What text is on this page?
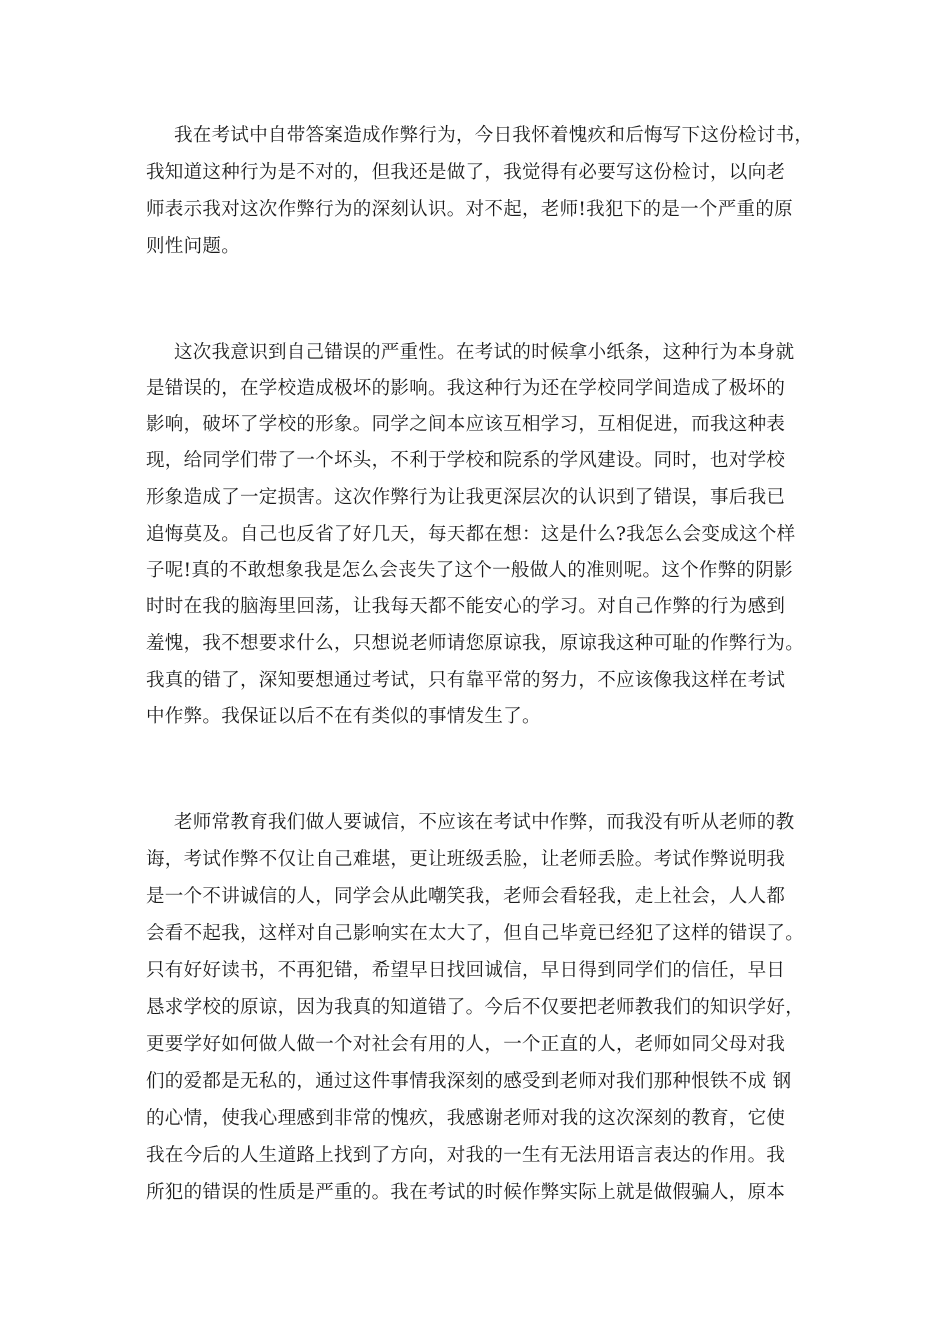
我在考试中自带答案造成作弊行为，今日我怀着愧疚和后悔写下这份检讨书，

我知道这种行为是不对的，但我还是做了，我觉得有必要写这份检讨，以向老

师表示我对这次作弊行为的深刻认识。对不起，老师!我犯下的是一个严重的原

则性问题。

这次我意识到自己错误的严重性。在考试的时候拿小纸条，这种行为本身就

是错误的，在学校造成极坏的影响。我这种行为还在学校同学间造成了极坏的

影响，破坏了学校的形象。同学之间本应该互相学习，互相促进，而我这种表

现，给同学们带了一个坏头，不利于学校和院系的学风建设。同时，也对学校

形象造成了一定损害。这次作弊行为让我更深层次的认识到了错误，事后我已

追悔莫及。自己也反省了好几天，每天都在想：这是什么?我怎么会变成这个样

子呢!真的不敢想象我是怎么会丧失了这个一般做人的准则呢。这个作弊的阴影

时时在我的脑海里回荡，让我每天都不能安心的学习。对自己作弊的行为感到

羞愧，我不想要求什么，只想说老师请您原谅我，原谅我这种可耻的作弊行为。

我真的错了，深知要想通过考试，只有靠平常的努力，不应该像我这样在考试

中作弊。我保证以后不在有类似的事情发生了。

老师常教育我们做人要诚信，不应该在考试中作弊，而我没有听从老师的教

诲，考试作弊不仅让自己难堪，更让班级丢脸，让老师丢脸。考试作弊说明我

是一个不讲诚信的人，同学会从此嘲笑我，老师会看轻我，走上社会，人人都

会看不起我，这样对自己影响实在太大了，但自己毕竟已经犯了这样的错误了。

只有好好读书，不再犯错，希望早日找回诚信，早日得到同学们的信任，早日

恳求学校的原谅，因为我真的知道错了。今后不仅要把老师教我们的知识学好，

更要学好如何做人做一个对社会有用的人，一个正直的人，老师如同父母对我

们的爱都是无私的，通过这件事情我深刻的感受到老师对我们那种恨铁不成 钢

的心情，使我心理感到非常的愧疚，我感谢老师对我的这次深刻的教育，它使

我在今后的人生道路上找到了方向，对我的一生有无法用语言表达的作用。我

所犯的错误的性质是严重的。我在考试的时候作弊实际上就是做假骗人，原本
